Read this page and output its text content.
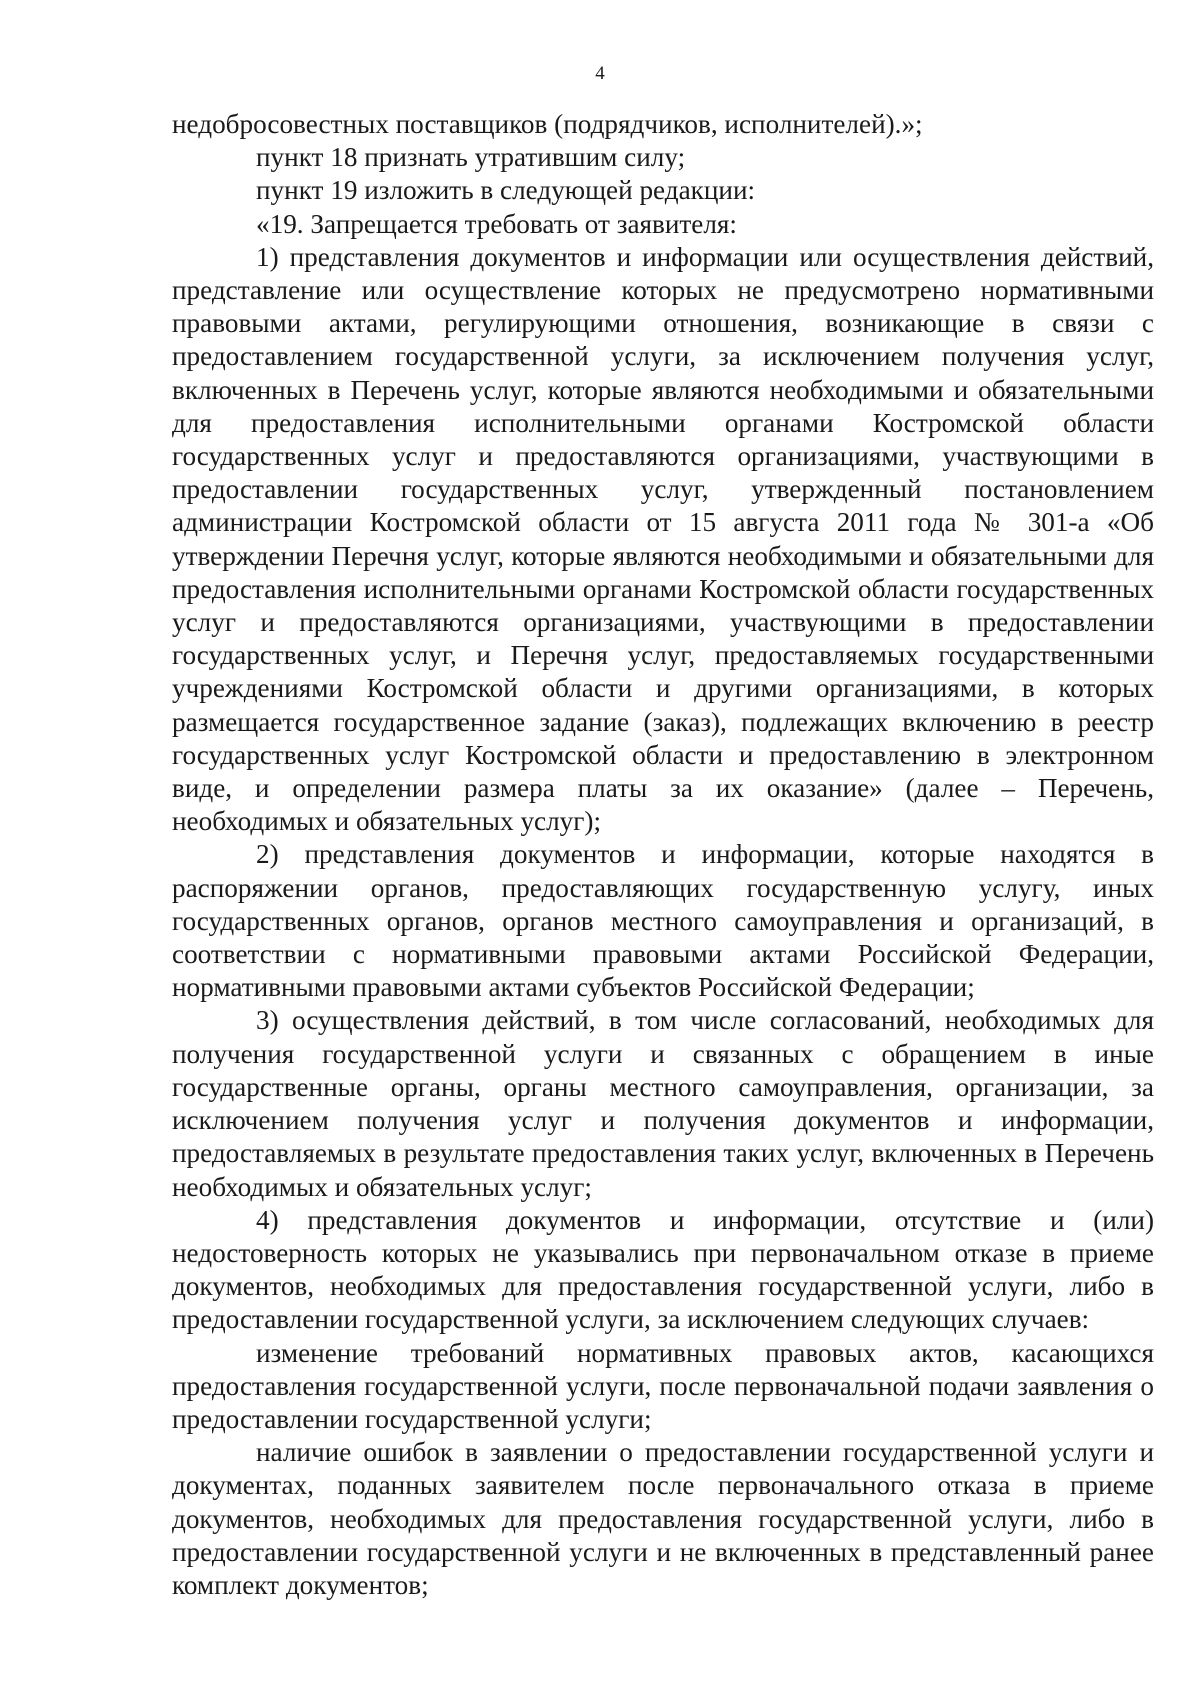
4

недобросовестных поставщиков (подрядчиков, исполнителей).»;

пункт 18 признать утратившим силу;

пункт 19 изложить в следующей редакции:

«19. Запрещается требовать от заявителя:

1) представления документов и информации или осуществления действий, представление или осуществление которых не предусмотрено нормативными правовыми актами, регулирующими отношения, возникающие в связи с предоставлением государственной услуги, за исключением получения услуг, включенных в Перечень услуг, которые являются необходимыми и обязательными для предоставления исполнительными органами Костромской области государственных услуг и предоставляются организациями, участвующими в предоставлении государственных услуг, утвержденный постановлением администрации Костромской области от 15 августа 2011 года № 301-а «Об утверждении Перечня услуг, которые являются необходимыми и обязательными для предоставления исполнительными органами Костромской области государственных услуг и предоставляются организациями, участвующими в предоставлении государственных услуг, и Перечня услуг, предоставляемых государственными учреждениями Костромской области и другими организациями, в которых размещается государственное задание (заказ), подлежащих включению в реестр государственных услуг Костромской области и предоставлению в электронном виде, и определении размера платы за их оказание» (далее – Перечень, необходимых и обязательных услуг);

2) представления документов и информации, которые находятся в распоряжении органов, предоставляющих государственную услугу, иных государственных органов, органов местного самоуправления и организаций, в соответствии с нормативными правовыми актами Российской Федерации, нормативными правовыми актами субъектов Российской Федерации;

3) осуществления действий, в том числе согласований, необходимых для получения государственной услуги и связанных с обращением в иные государственные органы, органы местного самоуправления, организации, за исключением получения услуг и получения документов и информации, предоставляемых в результате предоставления таких услуг, включенных в Перечень необходимых и обязательных услуг;

4) представления документов и информации, отсутствие и (или) недостоверность которых не указывались при первоначальном отказе в приеме документов, необходимых для предоставления государственной услуги, либо в предоставлении государственной услуги, за исключением следующих случаев:

изменение требований нормативных правовых актов, касающихся предоставления государственной услуги, после первоначальной подачи заявления о предоставлении государственной услуги;

наличие ошибок в заявлении о предоставлении государственной услуги и документах, поданных заявителем после первоначального отказа в приеме документов, необходимых для предоставления государственной услуги, либо в предоставлении государственной услуги и не включенных в представленный ранее комплект документов;
